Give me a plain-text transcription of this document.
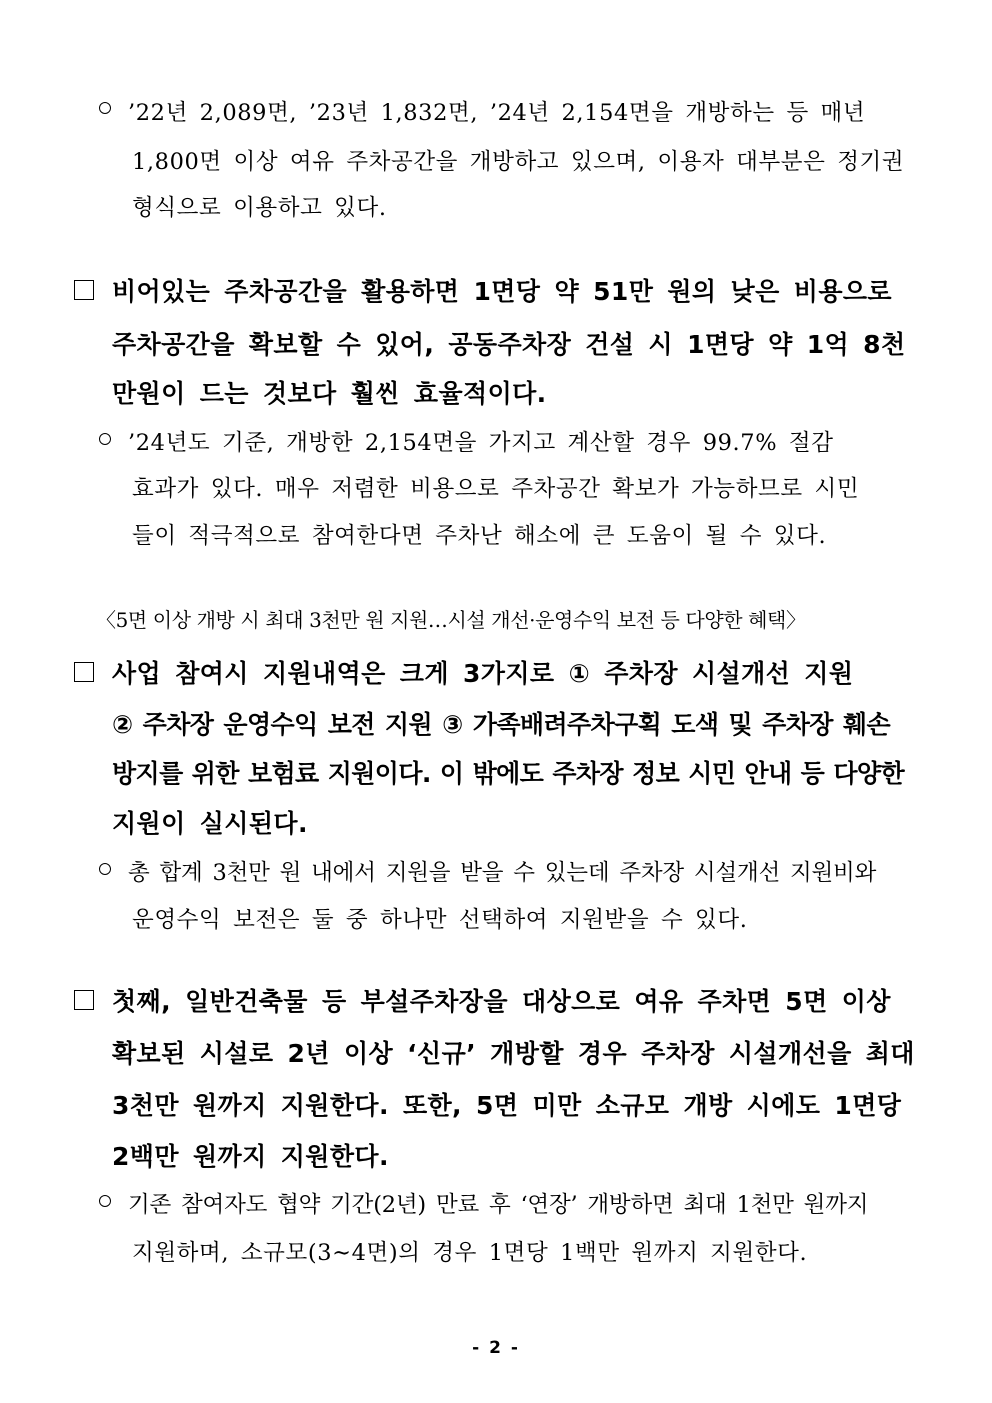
’22년 2,089면, ’23년 1,832면, ’24년 2,154면을 개방하는 등 매년
1,800면 이상 여유 주차공간을 개방하고 있으며, 이용자 대부분은 정기권
형식으로 이용하고 있다.
비어있는 주차공간을 활용하면 1면당 약 51만 원의 낮은 비용으로
주차공간을 확보할 수 있어, 공동주차장 건설 시 1면당 약 1억 8천
만원이 드는 것보다 훨씬 효율적이다.
’24년도 기준, 개방한 2,154면을 가지고 계산할 경우 99.7% 절감
효과가 있다. 매우 저렴한 비용으로 주차공간 확보가 가능하므로 시민
들이 적극적으로 참여한다면 주차난 해소에 큰 도움이 될 수 있다.
〈5면 이상 개방 시 최대 3천만 원 지원…시설 개선·운영수익 보전 등 다양한 혜택〉
사업 참여시 지원내역은 크게 3가지로 ① 주차장 시설개선 지원
② 주차장 운영수익 보전 지원 ③ 가족배려주차구획 도색 및 주차장 훼손
방지를 위한 보험료 지원이다. 이 밖에도 주차장 정보 시민 안내 등 다양한
지원이 실시된다.
총 합계 3천만 원 내에서 지원을 받을 수 있는데 주차장 시설개선 지원비와
운영수익 보전은 둘 중 하나만 선택하여 지원받을 수 있다.
첫째, 일반건축물 등 부설주차장을 대상으로 여유 주차면 5면 이상
확보된 시설로 2년 이상 ‘신규’ 개방할 경우 주차장 시설개선을 최대
3천만 원까지 지원한다. 또한, 5면 미만 소규모 개방 시에도 1면당
2백만 원까지 지원한다.
기존 참여자도 협약 기간(2년) 만료 후 ‘연장’ 개방하면 최대 1천만 원까지
지원하며, 소규모(3∼4면)의 경우 1면당 1백만 원까지 지원한다.
- 2 -
